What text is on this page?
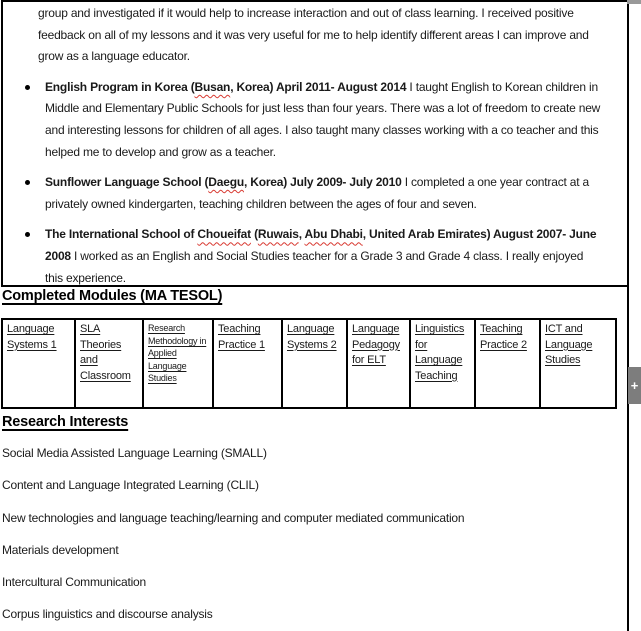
group and investigated if it would help to increase interaction and out of class learning. I received positive feedback on all of my lessons and it was very useful for me to help identify different areas I can improve and grow as a language educator.

English Program in Korea (Busan, Korea) April 2011- August 2014 I taught English to Korean children in Middle and Elementary Public Schools for just less than four years. There was a lot of freedom to create new and interesting lessons for children of all ages. I also taught many classes working with a co teacher and this helped me to develop and grow as a teacher.
Sunflower Language School (Daegu, Korea) July 2009- July 2010 I completed a one year contract at a privately owned kindergarten, teaching children between the ages of four and seven.
The International School of Choueifat (Ruwais, Abu Dhabi, United Arab Emirates) August 2007- June 2008 I worked as an English and Social Studies teacher for a Grade 3 and Grade 4 class. I really enjoyed this experience.
Completed Modules (MA TESOL)
Language Systems 1	SLA Theories and Classroom	Research Methodology in Applied Language Studies	Teaching Practice 1	Language Systems 2	Language Pedagogy for ELT	Linguistics for Language Teaching	Teaching Practice 2	ICT and Language Studies
Research Interests
Social Media Assisted Language Learning (SMALL)
Content and Language Integrated Learning (CLIL)
New technologies and language teaching/learning and computer mediated communication
Materials development
Intercultural Communication
Corpus linguistics and discourse analysis
+
